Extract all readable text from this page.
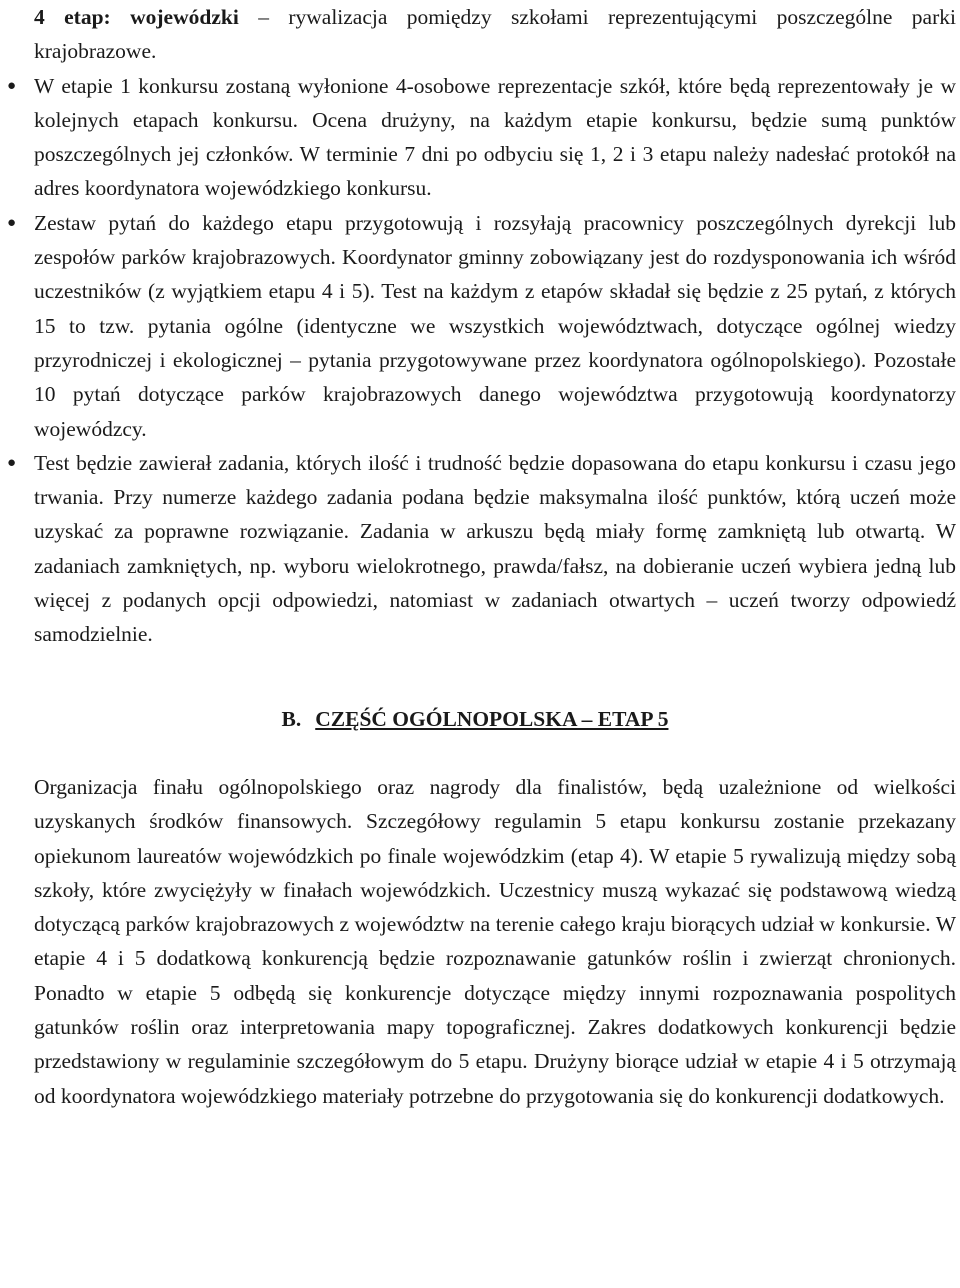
4 etap: wojewódzki – rywalizacja pomiędzy szkołami reprezentującymi poszczególne parki krajobrazowe.

● W etapie 1 konkursu zostaną wyłonione 4-osobowe reprezentacje szkół, które będą reprezentowały je w kolejnych etapach konkursu. Ocena drużyny, na każdym etapie konkursu, będzie sumą punktów poszczególnych jej członków. W terminie 7 dni po odbyciu się 1, 2 i 3 etapu należy nadesłać protokół na adres koordynatora wojewódzkiego konkursu.
● Zestaw pytań do każdego etapu przygotowują i rozsyłają pracownicy poszczególnych dyrekcji lub zespołów parków krajobrazowych. Koordynator gminny zobowiązany jest do rozdysponowania ich wśród uczestników (z wyjątkiem etapu 4 i 5). Test na każdym z etapów składał się będzie z 25 pytań, z których 15 to tzw. pytania ogólne (identyczne we wszystkich województwach, dotyczące ogólnej wiedzy przyrodniczej i ekologicznej – pytania przygotowywane przez koordynatora ogólnopolskiego). Pozostałe 10 pytań dotyczące parków krajobrazowych danego województwa przygotowują koordynatorzy wojewódzcy.
● Test będzie zawierał zadania, których ilość i trudność będzie dopasowana do etapu konkursu i czasu jego trwania. Przy numerze każdego zadania podana będzie maksymalna ilość punktów, którą uczeń może uzyskać za poprawne rozwiązanie. Zadania w arkuszu będą miały formę zamkniętą lub otwartą. W zadaniach zamkniętych, np. wyboru wielokrotnego, prawda/fałsz, na dobieranie uczeń wybiera jedną lub więcej z podanych opcji odpowiedzi, natomiast w zadaniach otwartych – uczeń tworzy odpowiedź samodzielnie.
B. CZĘŚĆ OGÓLNOPOLSKA – ETAP 5

Organizacja finału ogólnopolskiego oraz nagrody dla finalistów, będą uzależnione od wielkości uzyskanych środków finansowych. Szczegółowy regulamin 5 etapu konkursu zostanie przekazany opiekunom laureatów wojewódzkich po finale wojewódzkim (etap 4). W etapie 5 rywalizują między sobą szkoły, które zwyciężyły w finałach wojewódzkich. Uczestnicy muszą wykazać się podstawową wiedzą dotyczącą parków krajobrazowych z województw na terenie całego kraju biorących udział w konkursie. W etapie 4 i 5 dodatkową konkurencją będzie rozpoznawanie gatunków roślin i zwierząt chronionych. Ponadto w etapie 5 odbędą się konkurencje dotyczące między innymi rozpoznawania pospolitych gatunków roślin oraz interpretowania mapy topograficznej. Zakres dodatkowych konkurencji będzie przedstawiony w regulaminie szczegółowym do 5 etapu. Drużyny biorące udział w etapie 4 i 5 otrzymają od koordynatora wojewódzkiego materiały potrzebne do przygotowania się do konkurencji dodatkowych.
